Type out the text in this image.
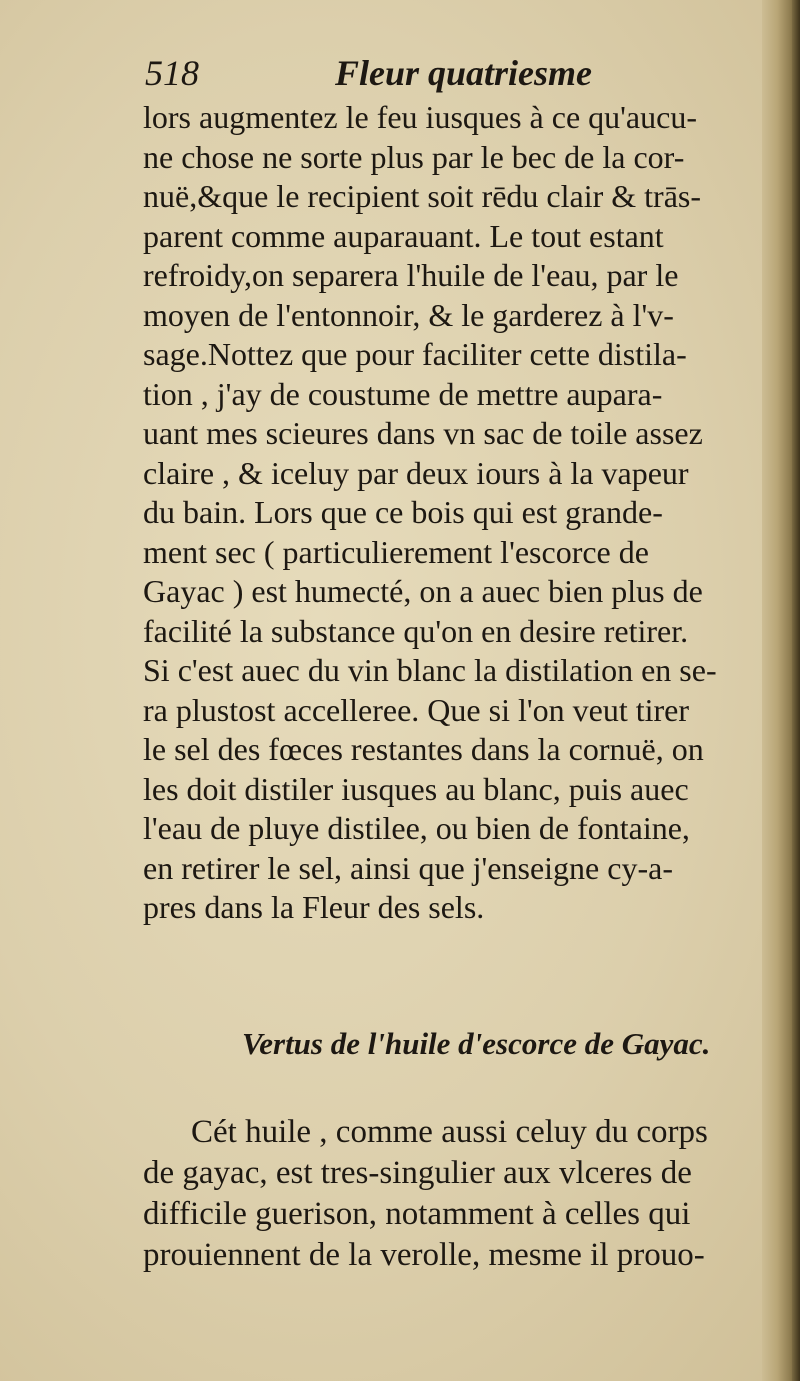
518	Fleur quatriesme
lors augmentez le feu iusques à ce qu'aucu-
ne chose ne sorte plus par le bec de la cor-
nuë,&que le recipient soit rēdu clair & trās-
parent comme auparauant. Le tout estant
refroidy,on separera l'huile de l'eau, par le
moyen de l'entonnoir, & le garderez à l'v-
sage.Nottez que pour faciliter cette distila-
tion , j'ay de coustume de mettre aupara-
uant mes scieures dans vn sac de toile assez
claire , & iceluy par deux iours à la vapeur
du bain. Lors que ce bois qui est grande-
ment sec ( particulierement l'escorce de
Gayac ) est humecté, on a auec bien plus de
facilité la substance qu'on en desire retirer.
Si c'est auec du vin blanc la distilation en se-
ra plustost accelleree. Que si l'on veut tirer
le sel des fœces restantes dans la cornuë, on
les doit distiler iusques au blanc, puis auec
l'eau de pluye distilee, ou bien de fontaine,
en retirer le sel, ainsi que j'enseigne cy-a-
pres dans la Fleur des sels.
Vertus de l'huile d'escorce de Gayac.
Cét huile , comme aussi celuy du corps
de gayac, est tres-singulier aux vlceres de
difficile guerison, notamment à celles qui
prouiennent de la verolle, mesme il prouo-
